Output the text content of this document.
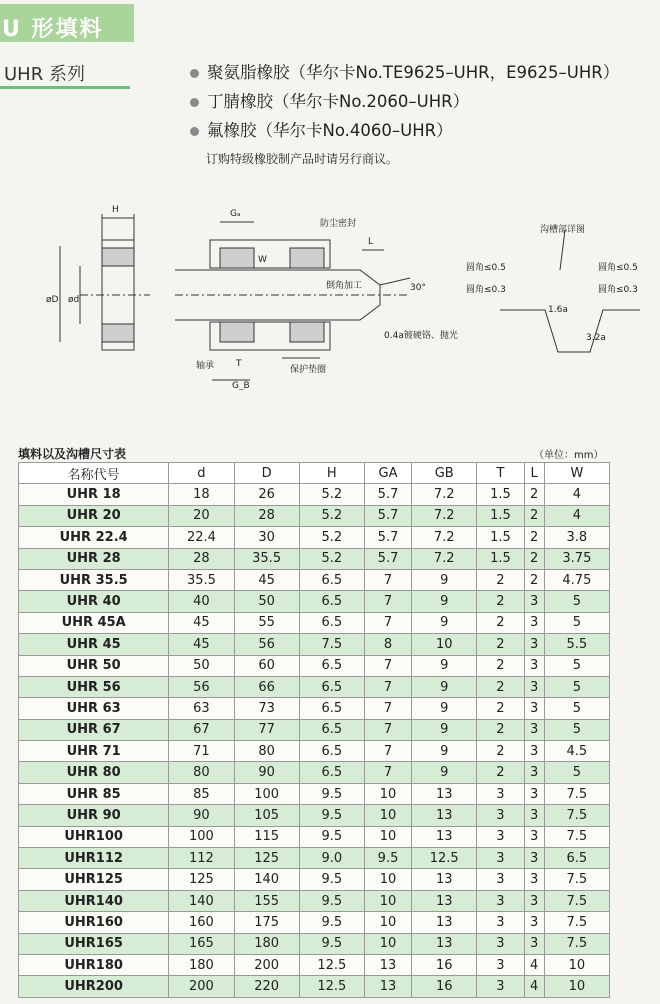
U 形填料
UHR 系列	聚氨脂橡胶（华尔卡No.TE9625–UHR，E9625–UHR）
丁腈橡胶（华尔卡No.2060–UHR）
氟橡胶（华尔卡No.4060–UHR）
订购特级橡胶制产品时请另行商议。
H	Gₐ
W
L
T
G_B
防尘密封
倒角加工	30°
0.4a镀硬铬、抛光
轴承	保护垫圈
øD ød
沟槽部详图
圆角≤0.5
圆角≤0.3
圆角≤0.5
圆角≤0.3
1.6a
3.2a
填料以及沟槽尺寸表	（单位：mm）
名称代号	d	D	H	GA	GB	T	L	W
UHR 18	18	26	5.2	5.7	7.2	1.5	2	4
UHR 20	20	28	5.2	5.7	7.2	1.5	2	4
UHR 22.4	22.4	30	5.2	5.7	7.2	1.5	2	3.8
UHR 28	28	35.5	5.2	5.7	7.2	1.5	2	3.75
UHR 35.5	35.5	45	6.5	7	9	2	2	4.75
UHR 40	40	50	6.5	7	9	2	3	5
UHR 45A	45	55	6.5	7	9	2	3	5
UHR 45	45	56	7.5	8	10	2	3	5.5
UHR 50	50	60	6.5	7	9	2	3	5
UHR 56	56	66	6.5	7	9	2	3	5
UHR 63	63	73	6.5	7	9	2	3	5
UHR 67	67	77	6.5	7	9	2	3	5
UHR 71	71	80	6.5	7	9	2	3	4.5
UHR 80	80	90	6.5	7	9	2	3	5
UHR 85	85	100	9.5	10	13	3	3	7.5
UHR 90	90	105	9.5	10	13	3	3	7.5
UHR100	100	115	9.5	10	13	3	3	7.5
UHR112	112	125	9.0	9.5	12.5	3	3	6.5
UHR125	125	140	9.5	10	13	3	3	7.5
UHR140	140	155	9.5	10	13	3	3	7.5
UHR160	160	175	9.5	10	13	3	3	7.5
UHR165	165	180	9.5	10	13	3	3	7.5
UHR180	180	200	12.5	13	16	3	4	10
UHR200	200	220	12.5	13	16	3	4	10
